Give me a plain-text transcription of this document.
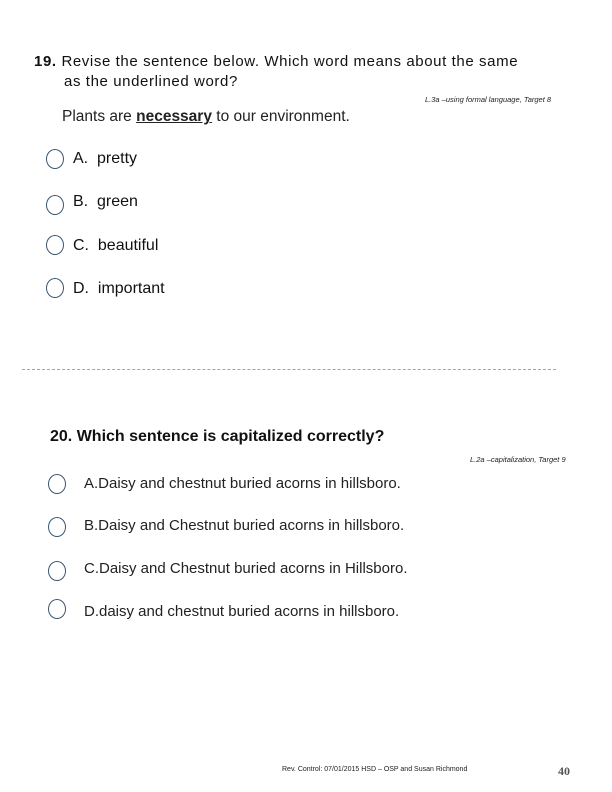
19. Revise the sentence below. Which word means about the same
as the underlined word?
L.3a –using formal language, Target 8
Plants are necessary to our environment.
A. pretty
B. green
C. beautiful
D. important
20. Which sentence is capitalized correctly?
L.2a –capitalization, Target 9
A.Daisy and chestnut buried acorns in hillsboro.
B.Daisy and Chestnut buried acorns in hillsboro.
C.Daisy and Chestnut buried acorns in Hillsboro.
D.daisy and chestnut buried acorns in hillsboro.
Rev. Control: 07/01/2015 HSD – OSP and Susan Richmond	40
